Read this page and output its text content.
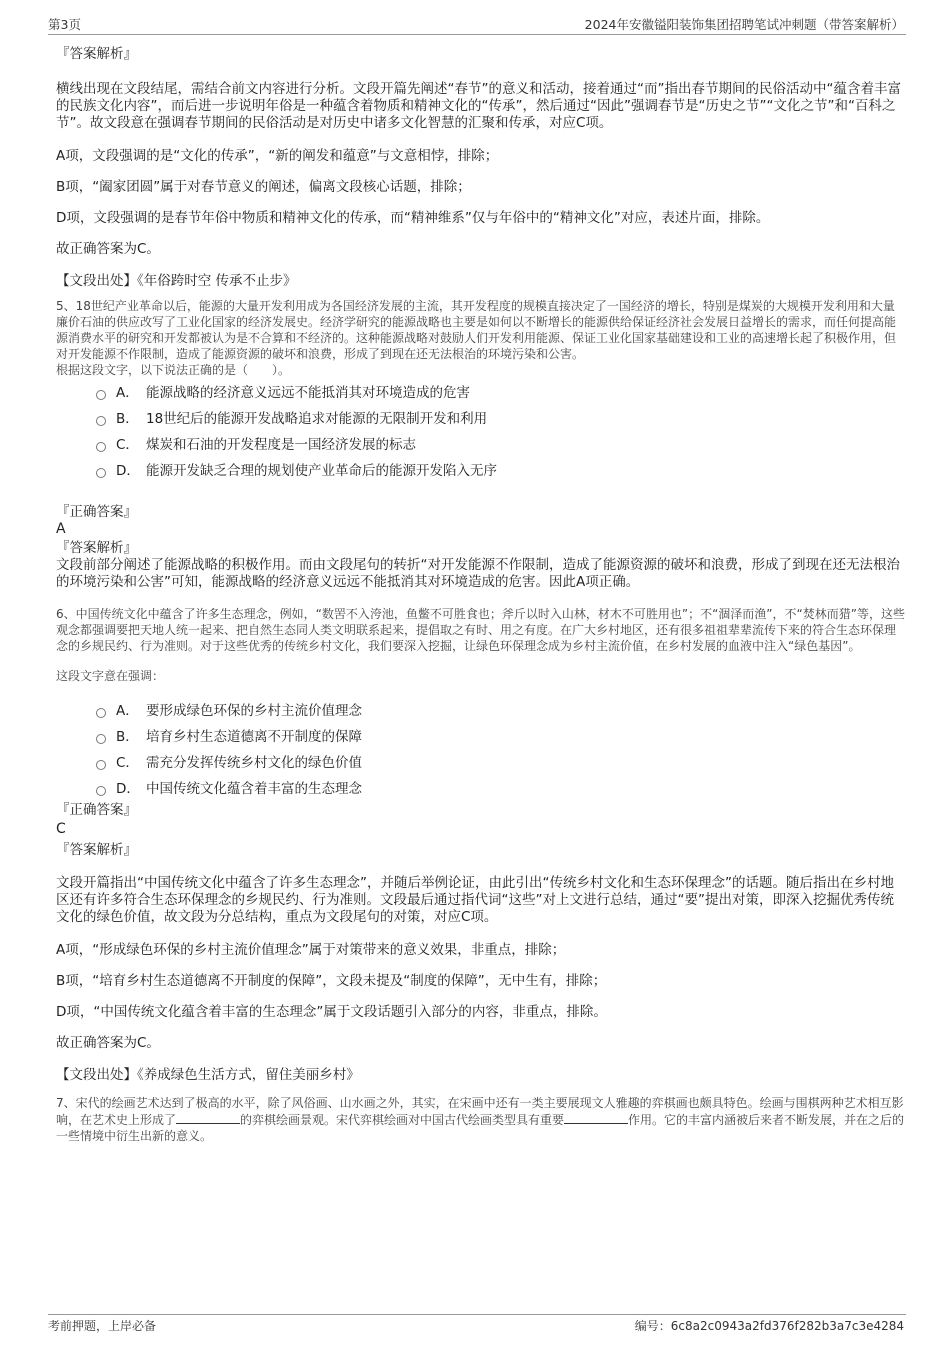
第3页	2024年安徽镒阳装饰集团招聘笔试冲刺题（带答案解析）
『答案解析』
横线出现在文段结尾，需结合前文内容进行分析。文段开篇先阐述“春节”的意义和活动，接着通过“而”指出春节期间的民俗活动中“蕴含着丰富的民族文化内容”，而后进一步说明年俗是一种蕴含着物质和精神文化的“传承”，然后通过“因此”强调春节是“历史之节”“文化之节”和“百科之节”。故文段意在强调春节期间的民俗活动是对历史中诸多文化智慧的汇聚和传承，对应C项。
A项，文段强调的是“文化的传承”，“新的阐发和蕴意”与文意相悖，排除；
B项，“阖家团圆”属于对春节意义的阐述，偏离文段核心话题，排除；
D项，文段强调的是春节年俗中物质和精神文化的传承，而“精神维系”仅与年俗中的“精神文化”对应，表述片面，排除。
故正确答案为C。
【文段出处】《年俗跨时空 传承不止步》
5、18世纪产业革命以后，能源的大量开发利用成为各国经济发展的主流，其开发程度的规模直接决定了一国经济的增长，特别是煤炭的大规模开发利用和大量廉价石油的供应改写了工业化国家的经济发展史。经济学研究的能源战略也主要是如何以不断增长的能源供给保证经济社会发展日益增长的需求，而任何提高能源消费水平的研究和开发都被认为是不合算和不经济的。这种能源战略对鼓励人们开发利用能源、保证工业化国家基础建设和工业的高速增长起了积极作用，但对开发能源不作限制，造成了能源资源的破坏和浪费，形成了到现在还无法根治的环境污染和公害。
根据这段文字，以下说法正确的是（　　）。
A． 能源战略的经济意义远远不能抵消其对环境造成的危害
B． 18世纪后的能源开发战略追求对能源的无限制开发和利用
C． 煤炭和石油的开发程度是一国经济发展的标志
D． 能源开发缺乏合理的规划使产业革命后的能源开发陷入无序
『正确答案』
A
『答案解析』
文段前部分阐述了能源战略的积极作用。而由文段尾句的转折“对开发能源不作限制，造成了能源资源的破坏和浪费，形成了到现在还无法根治的环境污染和公害”可知，能源战略的经济意义远远不能抵消其对环境造成的危害。因此A项正确。
6、中国传统文化中蕴含了许多生态理念，例如，“数罟不入洿池，鱼鳖不可胜食也；斧斤以时入山林，材木不可胜用也”；不“涸泽而渔”，不“焚林而猎”等，这些观念都强调要把天地人统一起来、把自然生态同人类文明联系起来，提倡取之有时、用之有度。在广大乡村地区，还有很多祖祖辈辈流传下来的符合生态环保理念的乡规民约、行为准则。对于这些优秀的传统乡村文化，我们要深入挖掘，让绿色环保理念成为乡村主流价值，在乡村发展的血液中注入“绿色基因”。
这段文字意在强调：
A． 要形成绿色环保的乡村主流价值理念
B． 培育乡村生态道德离不开制度的保障
C． 需充分发挥传统乡村文化的绿色价值
D． 中国传统文化蕴含着丰富的生态理念
『正确答案』
C
『答案解析』
文段开篇指出“中国传统文化中蕴含了许多生态理念”，并随后举例论证，由此引出“传统乡村文化和生态环保理念”的话题。随后指出在乡村地区还有许多符合生态环保理念的乡规民约、行为准则。文段最后通过指代词“这些”对上文进行总结，通过“要”提出对策，即深入挖掘优秀传统文化的绿色价值，故文段为分总结构，重点为文段尾句的对策，对应C项。
A项，“形成绿色环保的乡村主流价值理念”属于对策带来的意义效果，非重点，排除；
B项，“培育乡村生态道德离不开制度的保障”，文段未提及“制度的保障”，无中生有，排除；
D项，“中国传统文化蕴含着丰富的生态理念”属于文段话题引入部分的内容，非重点，排除。
故正确答案为C。
【文段出处】《养成绿色生活方式，留住美丽乡村》
7、宋代的绘画艺术达到了极高的水平，除了风俗画、山水画之外，其实，在宋画中还有一类主要展现文人雅趣的弈棋画也颇具特色。绘画与围棋两种艺术相互影响，在艺术史上形成了	的弈棋绘画景观。宋代弈棋绘画对中国古代绘画类型具有重要	作用。它的丰富内涵被后来者不断发展，并在之后的一些情境中衍生出新的意义。
考前押题，上岸必备	编号：6c8a2c0943a2fd376f282b3a7c3e4284
